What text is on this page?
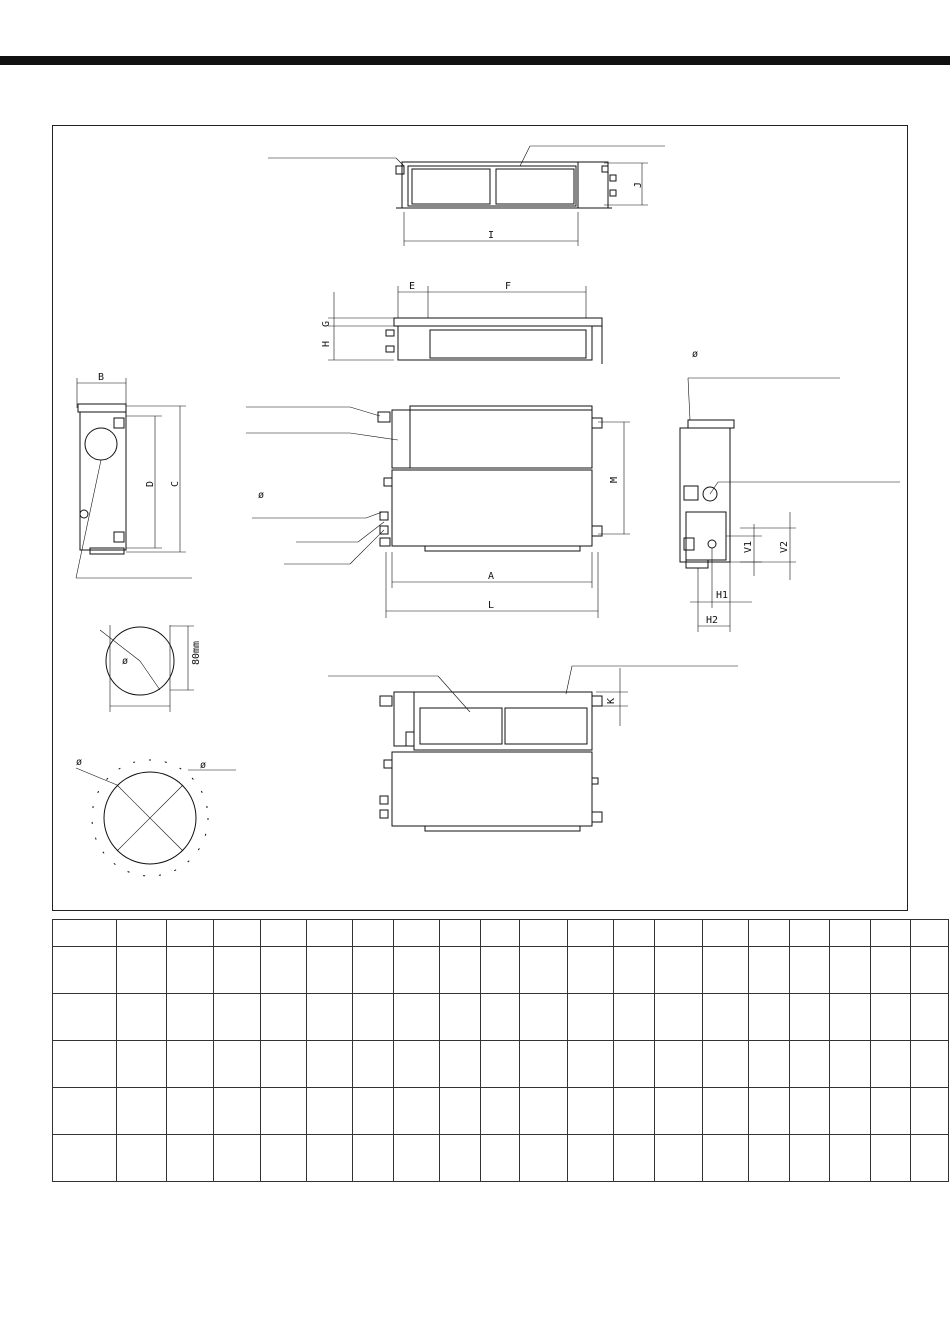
J
I
E	F
G
H
B
D C
ø
M
A
L
ø
V1	V2
H1
H2
ø	80mm
ø	ø
K
